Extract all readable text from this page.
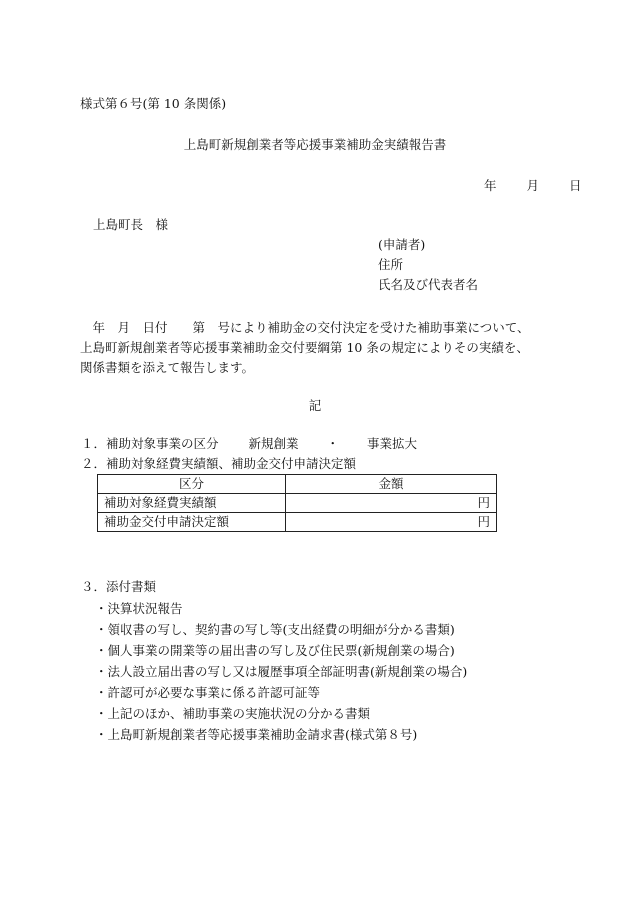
様式第６号(第 10 条関係)
上島町新規創業者等応援事業補助金実績報告書
年 月 日
上島町長　様
(申請者)
住所
氏名及び代表者名
　年　月　日付　　第　号により補助金の交付決定を受けた補助事業について、
上島町新規創業者等応援事業補助金交付要綱第 10 条の規定によりその実績を、
関係書類を添えて報告します。
記
１．補助対象事業の区分 新規創業 ・ 事業拡大
２．補助対象経費実績額、補助金交付申請決定額
区分	金額
補助対象経費実績額	円
補助金交付申請決定額	円
３．添付書類
・決算状況報告
・領収書の写し、契約書の写し等(支出経費の明細が分かる書類)
・個人事業の開業等の届出書の写し及び住民票(新規創業の場合)
・法人設立届出書の写し又は履歴事項全部証明書(新規創業の場合)
・許認可が必要な事業に係る許認可証等
・上記のほか、補助事業の実施状況の分かる書類
・上島町新規創業者等応援事業補助金請求書(様式第８号)
